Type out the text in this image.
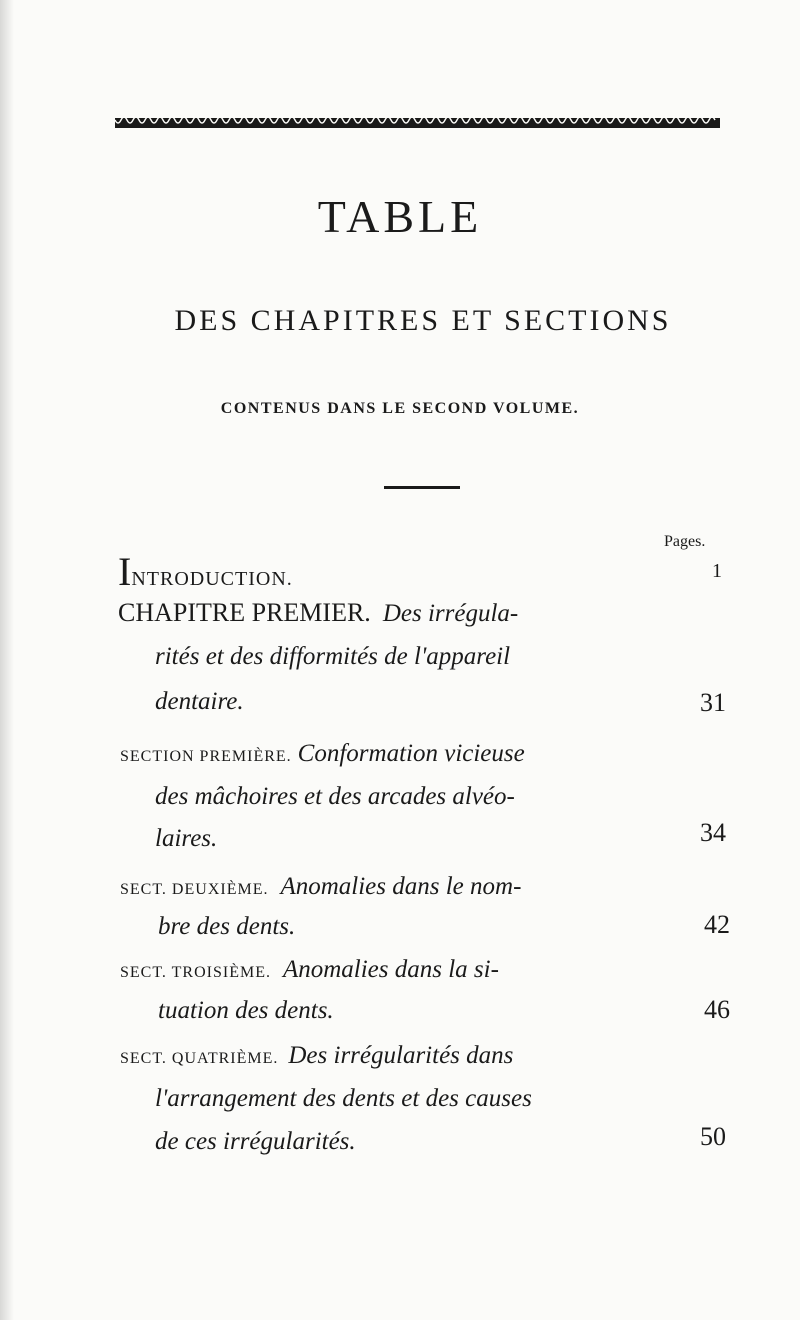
TABLE
DES CHAPITRES ET SECTIONS
CONTENUS DANS LE SECOND VOLUME.
Pages.
INTRODUCTION.	1
CHAPITRE PREMIER. Des irrégula-
rités et des difformités de l'appareil
dentaire.	31
SECTION PREMIÈRE. Conformation vicieuse
des mâchoires et des arcades alvéo-
laires.	34
SECT. DEUXIÈME. Anomalies dans le nom-
bre des dents.	42
SECT. TROISIÈME. Anomalies dans la si-
tuation des dents.	46
SECT. QUATRIÈME. Des irrégularités dans
l'arrangement des dents et des causes
de ces irrégularités.	50
